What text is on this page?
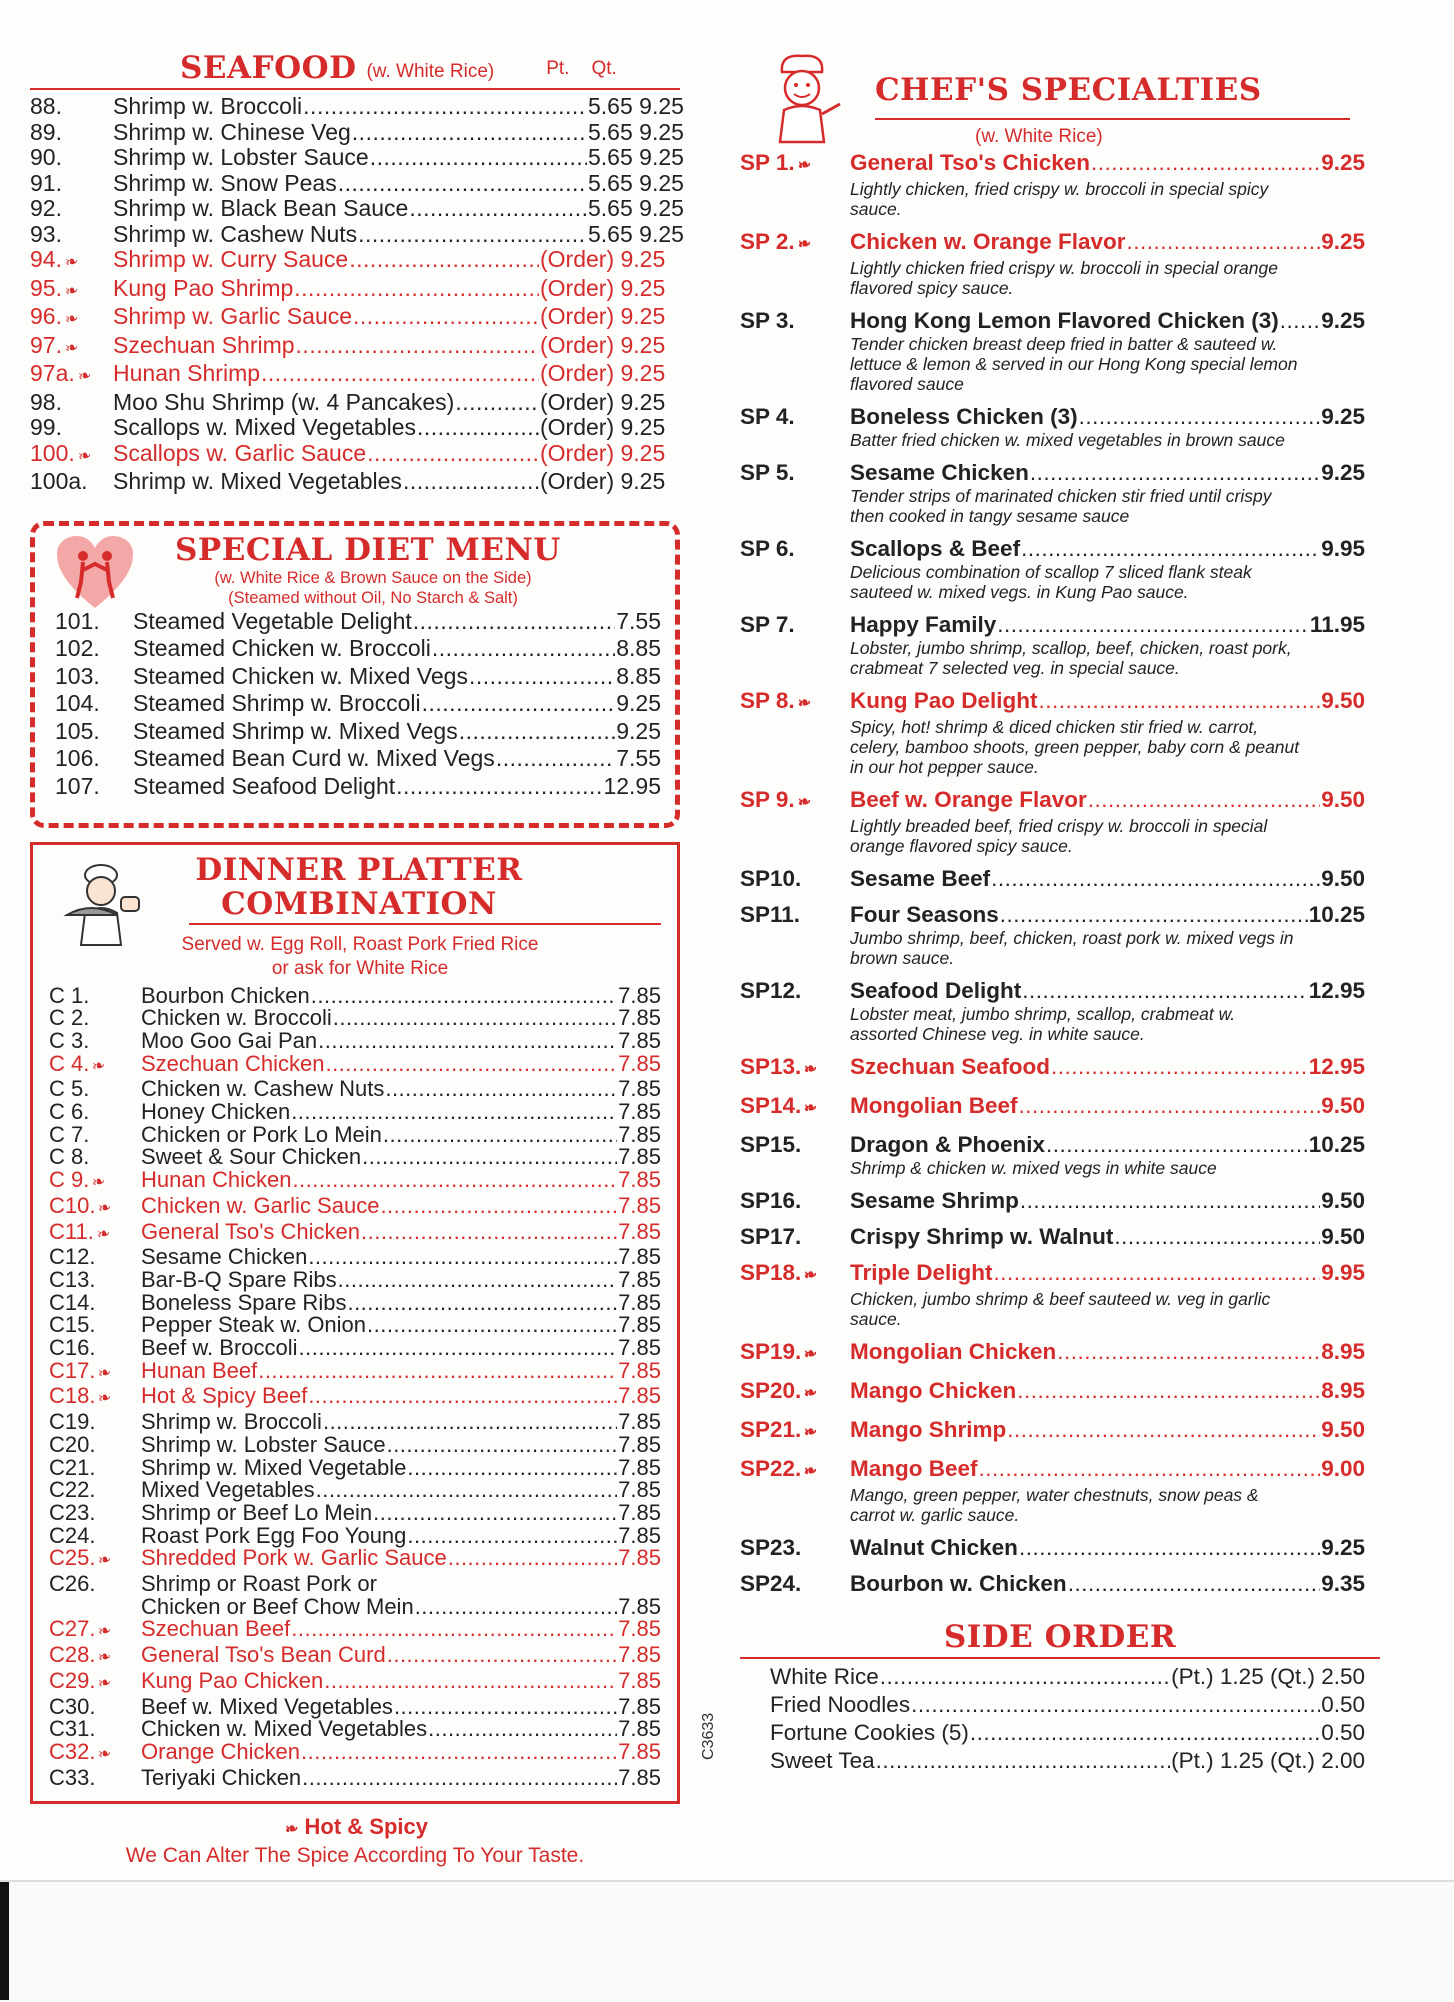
SEAFOOD (w. White Rice)	Pt. Qt.
88.	Shrimp w. Broccoli .....	5.65 9.25
89.	Shrimp w. Chinese Veg .....	5.65 9.25
90.	Shrimp w. Lobster Sauce .....	5.65 9.25
91.	Shrimp w. Snow Peas .....	5.65 9.25
92.	Shrimp w. Black Bean Sauce .....	5.65 9.25
93.	Shrimp w. Cashew Nuts .....	5.65 9.25
94.❧	Shrimp w. Curry Sauce .....	(Order) 9.25
95.❧	Kung Pao Shrimp .....	(Order) 9.25
96.❧	Shrimp w. Garlic Sauce .....	(Order) 9.25
97.❧	Szechuan Shrimp .....	(Order) 9.25
97a.❧ Hunan Shrimp .....	(Order) 9.25
98.	Moo Shu Shrimp (w. 4 Pancakes) .....	(Order) 9.25
99.	Scallops w. Mixed Vegetables .....	(Order) 9.25
100.❧ Scallops w. Garlic Sauce .....	(Order) 9.25
100a.	Shrimp w. Mixed Vegetables .....	(Order) 9.25
SPECIAL DIET MENU
(w. White Rice & Brown Sauce on the Side)
(Steamed without Oil, No Starch & Salt)
101.	Steamed Vegetable Delight .....	7.55
102.	Steamed Chicken w. Broccoli .....	8.85
103.	Steamed Chicken w. Mixed Vegs .....	8.85
104.	Steamed Shrimp w. Broccoli .....	9.25
105.	Steamed Shrimp w. Mixed Vegs .....	9.25
106.	Steamed Bean Curd w. Mixed Vegs .....	7.55
107.	Steamed Seafood Delight .....	12.95
DINNER PLATTER
COMBINATION
Served w. Egg Roll, Roast Pork Fried Rice
or ask for White Rice
C 1.	Bourbon Chicken .....	7.85
C 2.	Chicken w. Broccoli .....	7.85
C 3.	Moo Goo Gai Pan .....	7.85
C 4.❧	Szechuan Chicken .....	7.85
C 5.	Chicken w. Cashew Nuts .....	7.85
C 6.	Honey Chicken .....	7.85
C 7.	Chicken or Pork Lo Mein .....	7.85
C 8.	Sweet & Sour Chicken .....	7.85
C 9.❧	Hunan Chicken .....	7.85
C10.❧	Chicken w. Garlic Sauce .....	7.85
C11.❧	General Tso's Chicken .....	7.85
C12.	Sesame Chicken .....	7.85
C13.	Bar-B-Q Spare Ribs .....	7.85
C14.	Boneless Spare Ribs .....	7.85
C15.	Pepper Steak w. Onion .....	7.85
C16.	Beef w. Broccoli .....	7.85
C17.❧	Hunan Beef .....	7.85
C18.❧	Hot & Spicy Beef .....	7.85
C19.	Shrimp w. Broccoli .....	7.85
C20.	Shrimp w. Lobster Sauce .....	7.85
C21.	Shrimp w. Mixed Vegetable .....	7.85
C22.	Mixed Vegetables .....	7.85
C23.	Shrimp or Beef Lo Mein .....	7.85
C24.	Roast Pork Egg Foo Young .....	7.85
C25.❧	Shredded Pork w. Garlic Sauce .....	7.85
C26.	Shrimp or Roast Pork or
Chicken or Beef Chow Mein .....	7.85
C27.❧	Szechuan Beef .....	7.85
C28.❧	General Tso's Bean Curd .....	7.85
C29.❧	Kung Pao Chicken .....	7.85
C30.	Beef w. Mixed Vegetables .....	7.85
C31.	Chicken w. Mixed Vegetables .....	7.85
C32.❧	Orange Chicken .....	7.85
C33.	Teriyaki Chicken .....	7.85
❧ Hot & Spicy
We Can Alter The Spice According To Your Taste.
C3633
CHEF'S SPECIALTIES
(w. White Rice)
SP 1.❧	General Tso's Chicken .....	9.25
Lightly chicken, fried crispy w. broccoli in special spicy sauce.
SP 2.❧	Chicken w. Orange Flavor .....	9.25
Lightly chicken fried crispy w. broccoli in special orange flavored spicy sauce.
SP 3.	Hong Kong Lemon Flavored Chicken (3) ..... 9.25
Tender chicken breast deep fried in batter & sauteed w. lettuce & lemon & served in our Hong Kong special lemon flavored sauce
SP 4.	Boneless Chicken (3) .....	9.25
Batter fried chicken w. mixed vegetables in brown sauce
SP 5.	Sesame Chicken .....	9.25
Tender strips of marinated chicken stir fried until crispy then cooked in tangy sesame sauce
SP 6.	Scallops & Beef .....	9.95
Delicious combination of scallop 7 sliced flank steak sauteed w. mixed vegs. in Kung Pao sauce.
SP 7.	Happy Family .....	11.95
Lobster, jumbo shrimp, scallop, beef, chicken, roast pork, crabmeat 7 selected veg. in special sauce.
SP 8.❧	Kung Pao Delight .....	9.50
Spicy, hot! shrimp & diced chicken stir fried w. carrot, celery, bamboo shoots, green pepper, baby corn & peanut in our hot pepper sauce.
SP 9.❧	Beef w. Orange Flavor .....	9.50
Lightly breaded beef, fried crispy w. broccoli in special orange flavored spicy sauce.
SP10.	Sesame Beef .....	9.50
SP11.	Four Seasons .....	10.25
Jumbo shrimp, beef, chicken, roast pork w. mixed vegs in brown sauce.
SP12.	Seafood Delight .....	12.95
Lobster meat, jumbo shrimp, scallop, crabmeat w. assorted Chinese veg. in white sauce.
SP13.❧	Szechuan Seafood .....	12.95
SP14.❧	Mongolian Beef .....	9.50
SP15.	Dragon & Phoenix .....	10.25
Shrimp & chicken w. mixed vegs in white sauce
SP16.	Sesame Shrimp .....	9.50
SP17.	Crispy Shrimp w. Walnut .....	9.50
SP18.❧	Triple Delight .....	9.95
Chicken, jumbo shrimp & beef sauteed w. veg in garlic sauce.
SP19.❧	Mongolian Chicken .....	8.95
SP20.❧	Mango Chicken .....	8.95
SP21.❧	Mango Shrimp .....	9.50
SP22.❧	Mango Beef .....	9.00
Mango, green pepper, water chestnuts, snow peas & carrot w. garlic sauce.
SP23.	Walnut Chicken .....	9.25
SP24.	Bourbon w. Chicken .....	9.35
SIDE ORDER
White Rice .....	(Pt.) 1.25 (Qt.) 2.50
Fried Noodles .....	0.50
Fortune Cookies (5) .....	0.50
Sweet Tea .....	(Pt.) 1.25 (Qt.) 2.00
